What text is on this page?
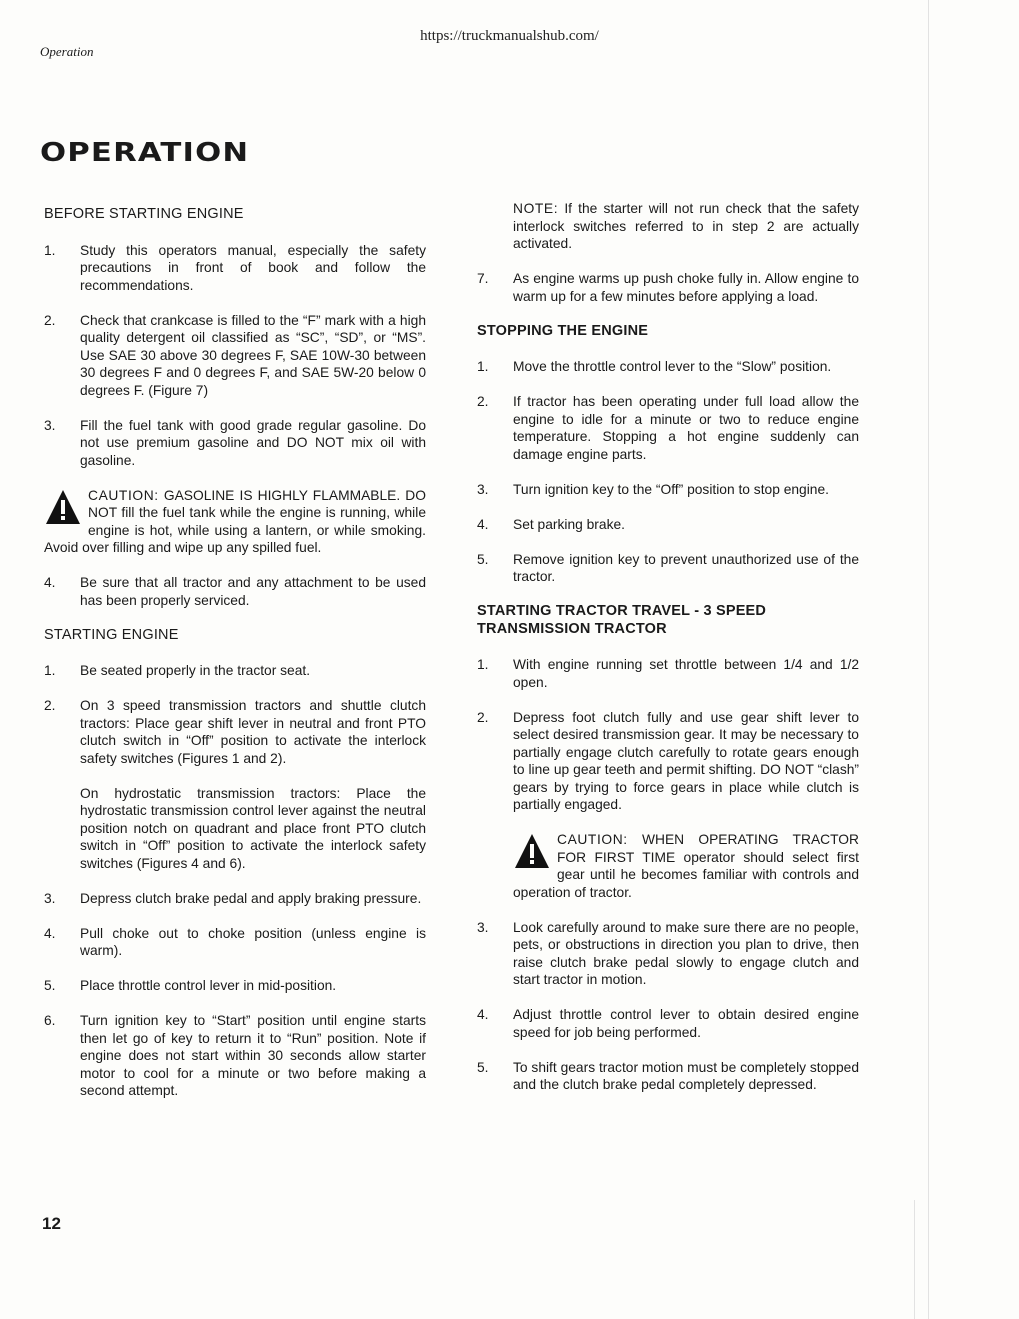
https://truckmanualshub.com/
Operation
OPERATION
BEFORE STARTING ENGINE
1.	Study this operators manual, especially the safety precautions in front of book and follow the recommendations.
2.	Check that crankcase is filled to the “F” mark with a high quality detergent oil classified as “SC”, “SD”, or “MS”. Use SAE 30 above 30 degrees F, SAE 10W-30 between 30 degrees F and 0 degrees F, and SAE 5W-20 below 0 degrees F. (Figure 7)
3.	Fill the fuel tank with good grade regular gasoline. Do not use premium gasoline and DO NOT mix oil with gasoline.
CAUTION: GASOLINE IS HIGHLY FLAMMABLE. DO NOT fill the fuel tank while the engine is running, while engine is hot, while using a lantern, or while smoking. Avoid over filling and wipe up any spilled fuel.
4.	Be sure that all tractor and any attachment to be used has been properly serviced.
STARTING ENGINE
1.	Be seated properly in the tractor seat.
2.	On 3 speed transmission tractors and shuttle clutch tractors: Place gear shift lever in neutral and front PTO clutch switch in “Off” position to activate the interlock safety switches (Figures 1 and 2).
On hydrostatic transmission tractors: Place the hydrostatic transmission control lever against the neutral position notch on quadrant and place front PTO clutch switch in “Off” position to activate the interlock safety switches (Figures 4 and 6).
3.	Depress clutch brake pedal and apply braking pressure.
4.	Pull choke out to choke position (unless engine is warm).
5.	Place throttle control lever in mid-position.
6.	Turn ignition key to “Start” position until engine starts then let go of key to return it to “Run” position. Note if engine does not start within 30 seconds allow starter motor to cool for a minute or two before making a second attempt.
NOTE: If the starter will not run check that the safety interlock switches referred to in step 2 are actually activated.
7.	As engine warms up push choke fully in. Allow engine to warm up for a few minutes before applying a load.
STOPPING THE ENGINE
1.	Move the throttle control lever to the “Slow” position.
2.	If tractor has been operating under full load allow the engine to idle for a minute or two to reduce engine temperature. Stopping a hot engine suddenly can damage engine parts.
3.	Turn ignition key to the “Off” position to stop engine.
4.	Set parking brake.
5.	Remove ignition key to prevent unauthorized use of the tractor.
STARTING TRACTOR TRAVEL - 3 SPEED TRANSMISSION TRACTOR
1.	With engine running set throttle between 1/4 and 1/2 open.
2.	Depress foot clutch fully and use gear shift lever to select desired transmission gear. It may be necessary to partially engage clutch carefully to rotate gears enough to line up gear teeth and permit shifting. DO NOT “clash” gears by trying to force gears in place while clutch is partially engaged.
CAUTION: WHEN OPERATING TRACTOR FOR FIRST TIME operator should select first gear until he becomes familiar with controls and operation of tractor.
3.	Look carefully around to make sure there are no people, pets, or obstructions in direction you plan to drive, then raise clutch brake pedal slowly to engage clutch and start tractor in motion.
4.	Adjust throttle control lever to obtain desired engine speed for job being performed.
5.	To shift gears tractor motion must be completely stopped and the clutch brake pedal completely depressed.
12
